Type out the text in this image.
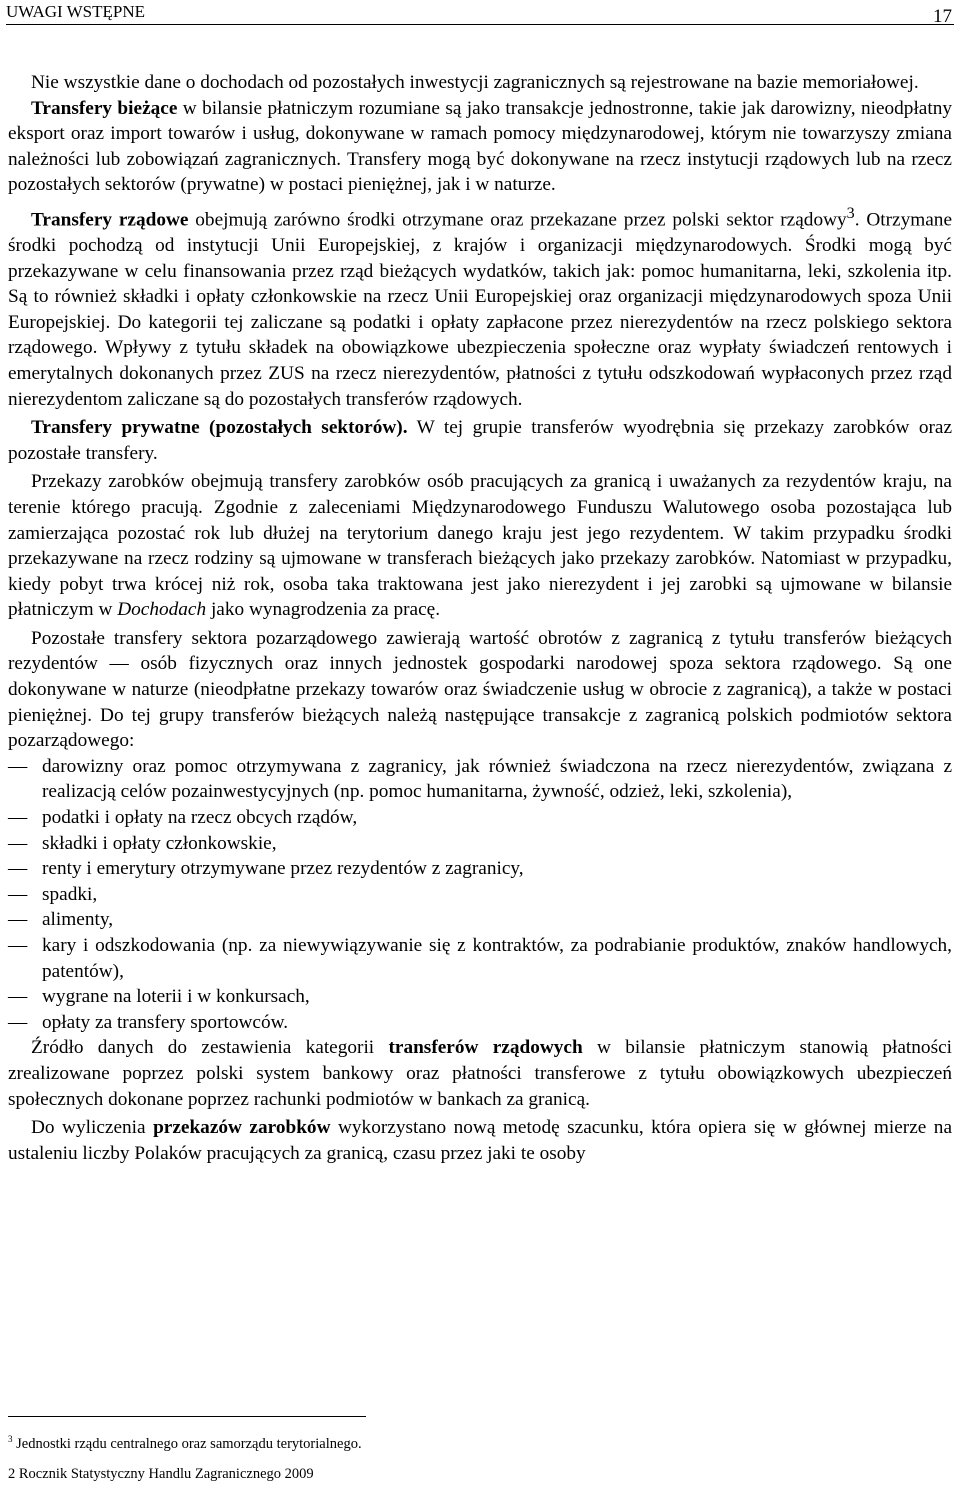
UWAGI WSTĘPNE	17

Nie wszystkie dane o dochodach od pozostałych inwestycji zagranicznych są rejestrowane na bazie memoriałowej.

Transfery bieżące w bilansie płatniczym rozumiane są jako transakcje jednostronne, takie jak darowizny, nieodpłatny eksport oraz import towarów i usług, dokonywane w ramach pomocy międzynarodowej, którym nie towarzyszy zmiana należności lub zobowiązań zagranicznych. Transfery mogą być dokonywane na rzecz instytucji rządowych lub na rzecz pozostałych sektorów (prywatne) w postaci pieniężnej, jak i w naturze.

Transfery rządowe obejmują zarówno środki otrzymane oraz przekazane przez polski sektor rządowy$^3$. Otrzymane środki pochodzą od instytucji Unii Europejskiej, z krajów i organizacji międzynarodowych. Środki mogą być przekazywane w celu finansowania przez rząd bieżących wydatków, takich jak: pomoc humanitarna, leki, szkolenia itp. Są to również składki i opłaty członkowskie na rzecz Unii Europejskiej oraz organizacji międzynarodowych spoza Unii Europejskiej. Do kategorii tej zaliczane są podatki i opłaty zapłacone przez nierezydentów na rzecz polskiego sektora rządowego. Wpływy z tytułu składek na obowiązkowe ubezpieczenia społeczne oraz wypłaty świadczeń rentowych i emerytalnych dokonanych przez ZUS na rzecz nierezydentów, płatności z tytułu odszkodowań wypłaconych przez rząd nierezydentom zaliczane są do pozostałych transferów rządowych.

Transfery prywatne (pozostałych sektorów). W tej grupie transferów wyodrębnia się przekazy zarobków oraz pozostałe transfery.

Przekazy zarobków obejmują transfery zarobków osób pracujących za granicą i uważanych za rezydentów kraju, na terenie którego pracują. Zgodnie z zaleceniami Międzynarodowego Funduszu Walutowego osoba pozostająca lub zamierzająca pozostać rok lub dłużej na terytorium danego kraju jest jego rezydentem. W takim przypadku środki przekazywane na rzecz rodziny są ujmowane w transferach bieżących jako przekazy zarobków. Natomiast w przypadku, kiedy pobyt trwa krócej niż rok, osoba taka traktowana jest jako nierezydent i jej zarobki są ujmowane w bilansie płatniczym w Dochodach jako wynagrodzenia za pracę.

Pozostałe transfery sektora pozarządowego zawierają wartość obrotów z zagranicą z tytułu transferów bieżących rezydentów — osób fizycznych oraz innych jednostek gospodarki narodowej spoza sektora rządowego. Są one dokonywane w naturze (nieodpłatne przekazy towarów oraz świadczenie usług w obrocie z zagranicą), a także w postaci pieniężnej. Do tej grupy transferów bieżących należą następujące transakcje z zagranicą polskich podmiotów sektora pozarządowego:

— darowizny oraz pomoc otrzymywana z zagranicy, jak również świadczona na rzecz nierezydentów, związana z realizacją celów pozainwestycyjnych (np. pomoc humanitarna, żywność, odzież, leki, szkolenia),
— podatki i opłaty na rzecz obcych rządów,
— składki i opłaty członkowskie,
— renty i emerytury otrzymywane przez rezydentów z zagranicy,
— spadki,
— alimenty,
— kary i odszkodowania (np. za niewywiązywanie się z kontraktów, za podrabianie produktów, znaków handlowych, patentów),
— wygrane na loterii i w konkursach,
— opłaty za transfery sportowców.

Źródło danych do zestawienia kategorii transferów rządowych w bilansie płatniczym stanowią płatności zrealizowane poprzez polski system bankowy oraz płatności transferowe z tytułu obowiązkowych ubezpieczeń społecznych dokonane poprzez rachunki podmiotów w bankach za granicą.

Do wyliczenia przekazów zarobków wykorzystano nową metodę szacunku, która opiera się w głównej mierze na ustaleniu liczby Polaków pracujących za granicą, czasu przez jaki te osoby

$^3$ Jednostki rządu centralnego oraz samorządu terytorialnego.
2 Rocznik Statystyczny Handlu Zagranicznego 2009
